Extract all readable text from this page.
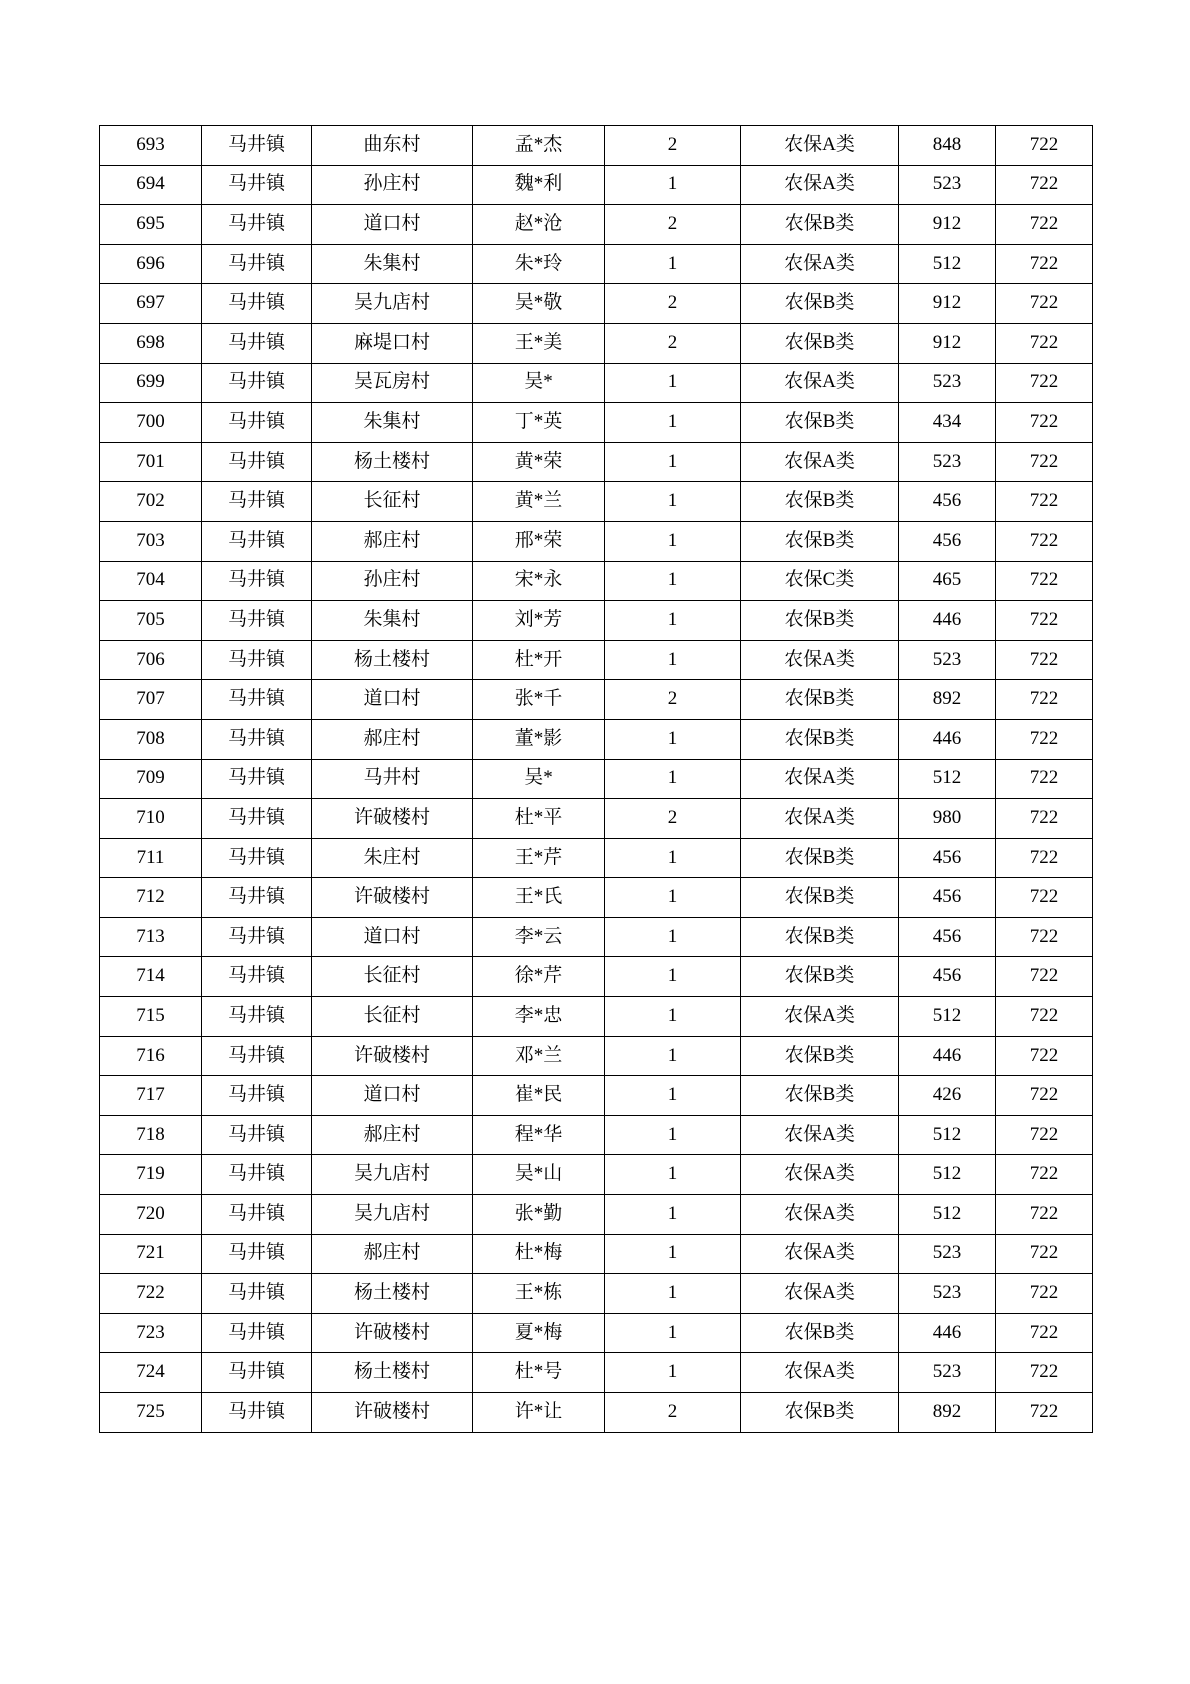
693	马井镇	曲东村	孟*杰	2	农保A类	848	722
694	马井镇	孙庄村	魏*利	1	农保A类	523	722
695	马井镇	道口村	赵*沧	2	农保B类	912	722
696	马井镇	朱集村	朱*玲	1	农保A类	512	722
697	马井镇	吴九店村	吴*敬	2	农保B类	912	722
698	马井镇	麻堤口村	王*美	2	农保B类	912	722
699	马井镇	吴瓦房村	吴*	1	农保A类	523	722
700	马井镇	朱集村	丁*英	1	农保B类	434	722
701	马井镇	杨土楼村	黄*荣	1	农保A类	523	722
702	马井镇	长征村	黄*兰	1	农保B类	456	722
703	马井镇	郝庄村	邢*荣	1	农保B类	456	722
704	马井镇	孙庄村	宋*永	1	农保C类	465	722
705	马井镇	朱集村	刘*芳	1	农保B类	446	722
706	马井镇	杨土楼村	杜*开	1	农保A类	523	722
707	马井镇	道口村	张*千	2	农保B类	892	722
708	马井镇	郝庄村	董*影	1	农保B类	446	722
709	马井镇	马井村	吴*	1	农保A类	512	722
710	马井镇	许破楼村	杜*平	2	农保A类	980	722
711	马井镇	朱庄村	王*芹	1	农保B类	456	722
712	马井镇	许破楼村	王*氏	1	农保B类	456	722
713	马井镇	道口村	李*云	1	农保B类	456	722
714	马井镇	长征村	徐*芹	1	农保B类	456	722
715	马井镇	长征村	李*忠	1	农保A类	512	722
716	马井镇	许破楼村	邓*兰	1	农保B类	446	722
717	马井镇	道口村	崔*民	1	农保B类	426	722
718	马井镇	郝庄村	程*华	1	农保A类	512	722
719	马井镇	吴九店村	吴*山	1	农保A类	512	722
720	马井镇	吴九店村	张*勤	1	农保A类	512	722
721	马井镇	郝庄村	杜*梅	1	农保A类	523	722
722	马井镇	杨土楼村	王*栋	1	农保A类	523	722
723	马井镇	许破楼村	夏*梅	1	农保B类	446	722
724	马井镇	杨土楼村	杜*号	1	农保A类	523	722
725	马井镇	许破楼村	许*让	2	农保B类	892	722
